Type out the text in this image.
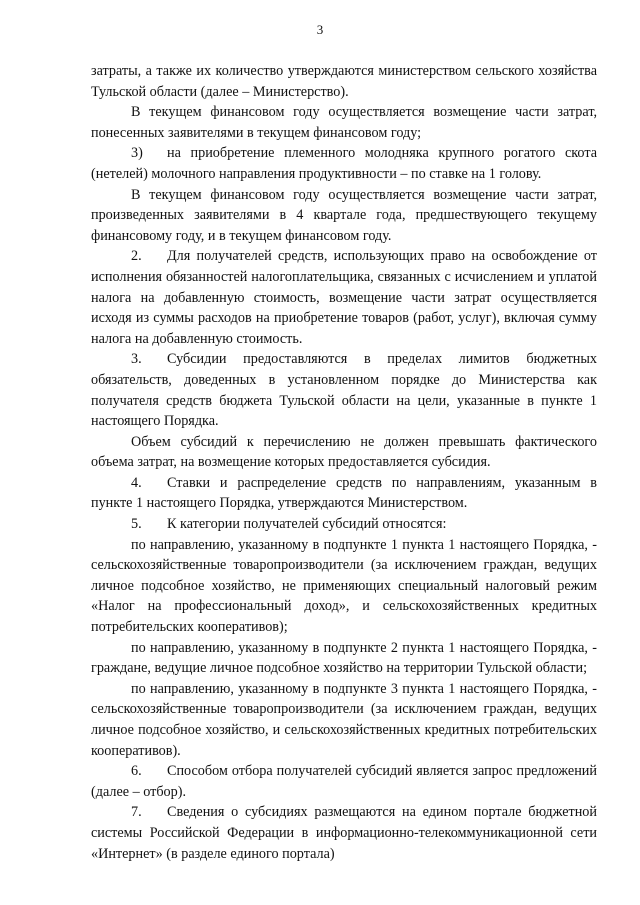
3

затраты, а также их количество утверждаются министерством сельского хозяйства Тульской области (далее – Министерство).

В текущем финансовом году осуществляется возмещение части затрат, понесенных заявителями в текущем финансовом году;

3) на приобретение племенного молодняка крупного рогатого скота (нетелей) молочного направления продуктивности – по ставке на 1 голову.

В текущем финансовом году осуществляется возмещение части затрат, произведенных заявителями в 4 квартале года, предшествующего текущему финансовому году, и в текущем финансовом году.

2. Для получателей средств, использующих право на освобождение от исполнения обязанностей налогоплательщика, связанных с исчислением и уплатой налога на добавленную стоимость, возмещение части затрат осуществляется исходя из суммы расходов на приобретение товаров (работ, услуг), включая сумму налога на добавленную стоимость.

3. Субсидии предоставляются в пределах лимитов бюджетных обязательств, доведенных в установленном порядке до Министерства как получателя средств бюджета Тульской области на цели, указанные в пункте 1 настоящего Порядка.

Объем субсидий к перечислению не должен превышать фактического объема затрат, на возмещение которых предоставляется субсидия.

4. Ставки и распределение средств по направлениям, указанным в пункте 1 настоящего Порядка, утверждаются Министерством.

5. К категории получателей субсидий относятся:

по направлению, указанному в подпункте 1 пункта 1 настоящего Порядка, - сельскохозяйственные товаропроизводители (за исключением граждан, ведущих личное подсобное хозяйство, не применяющих специальный налоговый режим «Налог на профессиональный доход», и сельскохозяйственных кредитных потребительских кооперативов);

по направлению, указанному в подпункте 2 пункта 1 настоящего Порядка, - граждане, ведущие личное подсобное хозяйство на территории Тульской области;

по направлению, указанному в подпункте 3 пункта 1 настоящего Порядка, - сельскохозяйственные товаропроизводители (за исключением граждан, ведущих личное подсобное хозяйство, и сельскохозяйственных кредитных потребительских кооперативов).

6. Способом отбора получателей субсидий является запрос предложений (далее – отбор).

7. Сведения о субсидиях размещаются на едином портале бюджетной системы Российской Федерации в информационно-телекоммуникационной сети «Интернет» (в разделе единого портала)
